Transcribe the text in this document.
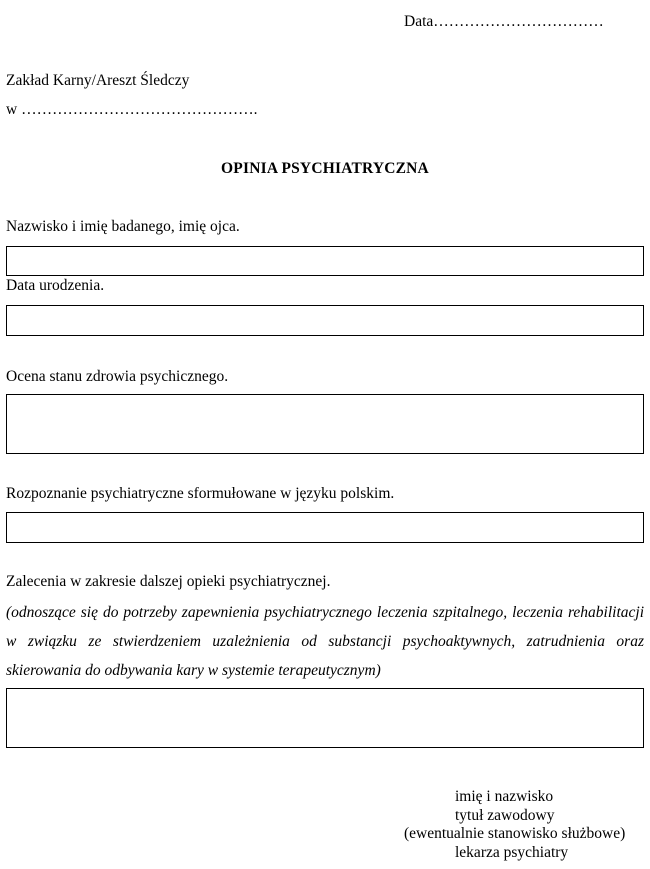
Data……………………………
Zakład Karny/Areszt Śledczy
w ……………………………………….
OPINIA PSYCHIATRYCZNA
Nazwisko i imię badanego, imię ojca.
Data urodzenia.
Ocena stanu zdrowia psychicznego.
Rozpoznanie psychiatryczne sformułowane w języku polskim.
Zalecenia w zakresie dalszej opieki psychiatrycznej.
(odnoszące się do potrzeby zapewnienia psychiatrycznego leczenia szpitalnego, leczenia rehabilitacji w związku ze stwierdzeniem uzależnienia od substancji psychoaktywnych, zatrudnienia oraz skierowania do odbywania kary w systemie terapeutycznym)
imię i nazwisko
tytuł zawodowy
(ewentualnie stanowisko służbowe)
lekarza psychiatry
